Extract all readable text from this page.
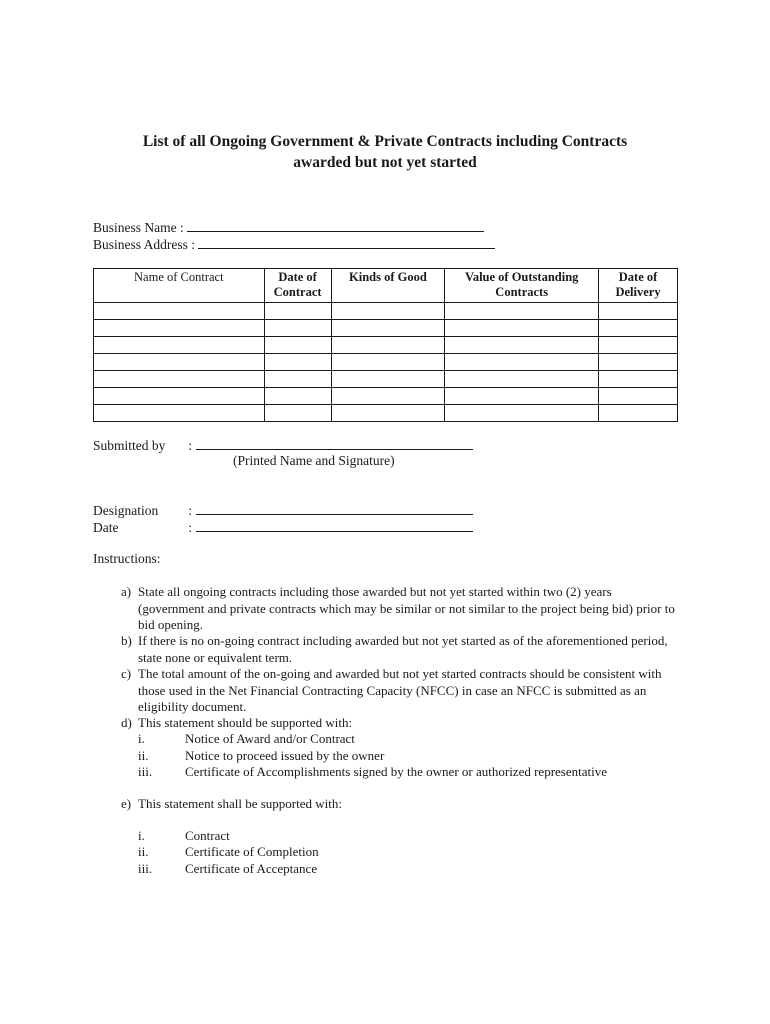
List of all Ongoing Government & Private Contracts including Contracts
awarded but not yet started
Business Name :
Business Address :
Name of Contract	Date of Contract	Kinds of Good	Value of Outstanding Contracts	Date of Delivery

Submitted by :
(Printed Name and Signature)
Designation :
Date	:
Instructions:
a) State all ongoing contracts including those awarded but not yet started within two (2) years (government and private contracts which may be similar or not similar to the project being bid) prior to bid opening.
b) If there is no on-going contract including awarded but not yet started as of the aforementioned period, state none or equivalent term.
c) The total amount of the on-going and awarded but not yet started contracts should be consistent with those used in the Net Financial Contracting Capacity (NFCC) in case an NFCC is submitted as an eligibility document.
d) This statement should be supported with:
i.	Notice of Award and/or Contract
ii.	Notice to proceed issued by the owner
iii.	Certificate of Accomplishments signed by the owner or authorized representative
e) This statement shall be supported with:
i.	Contract
ii.	Certificate of Completion
iii.	Certificate of Acceptance
